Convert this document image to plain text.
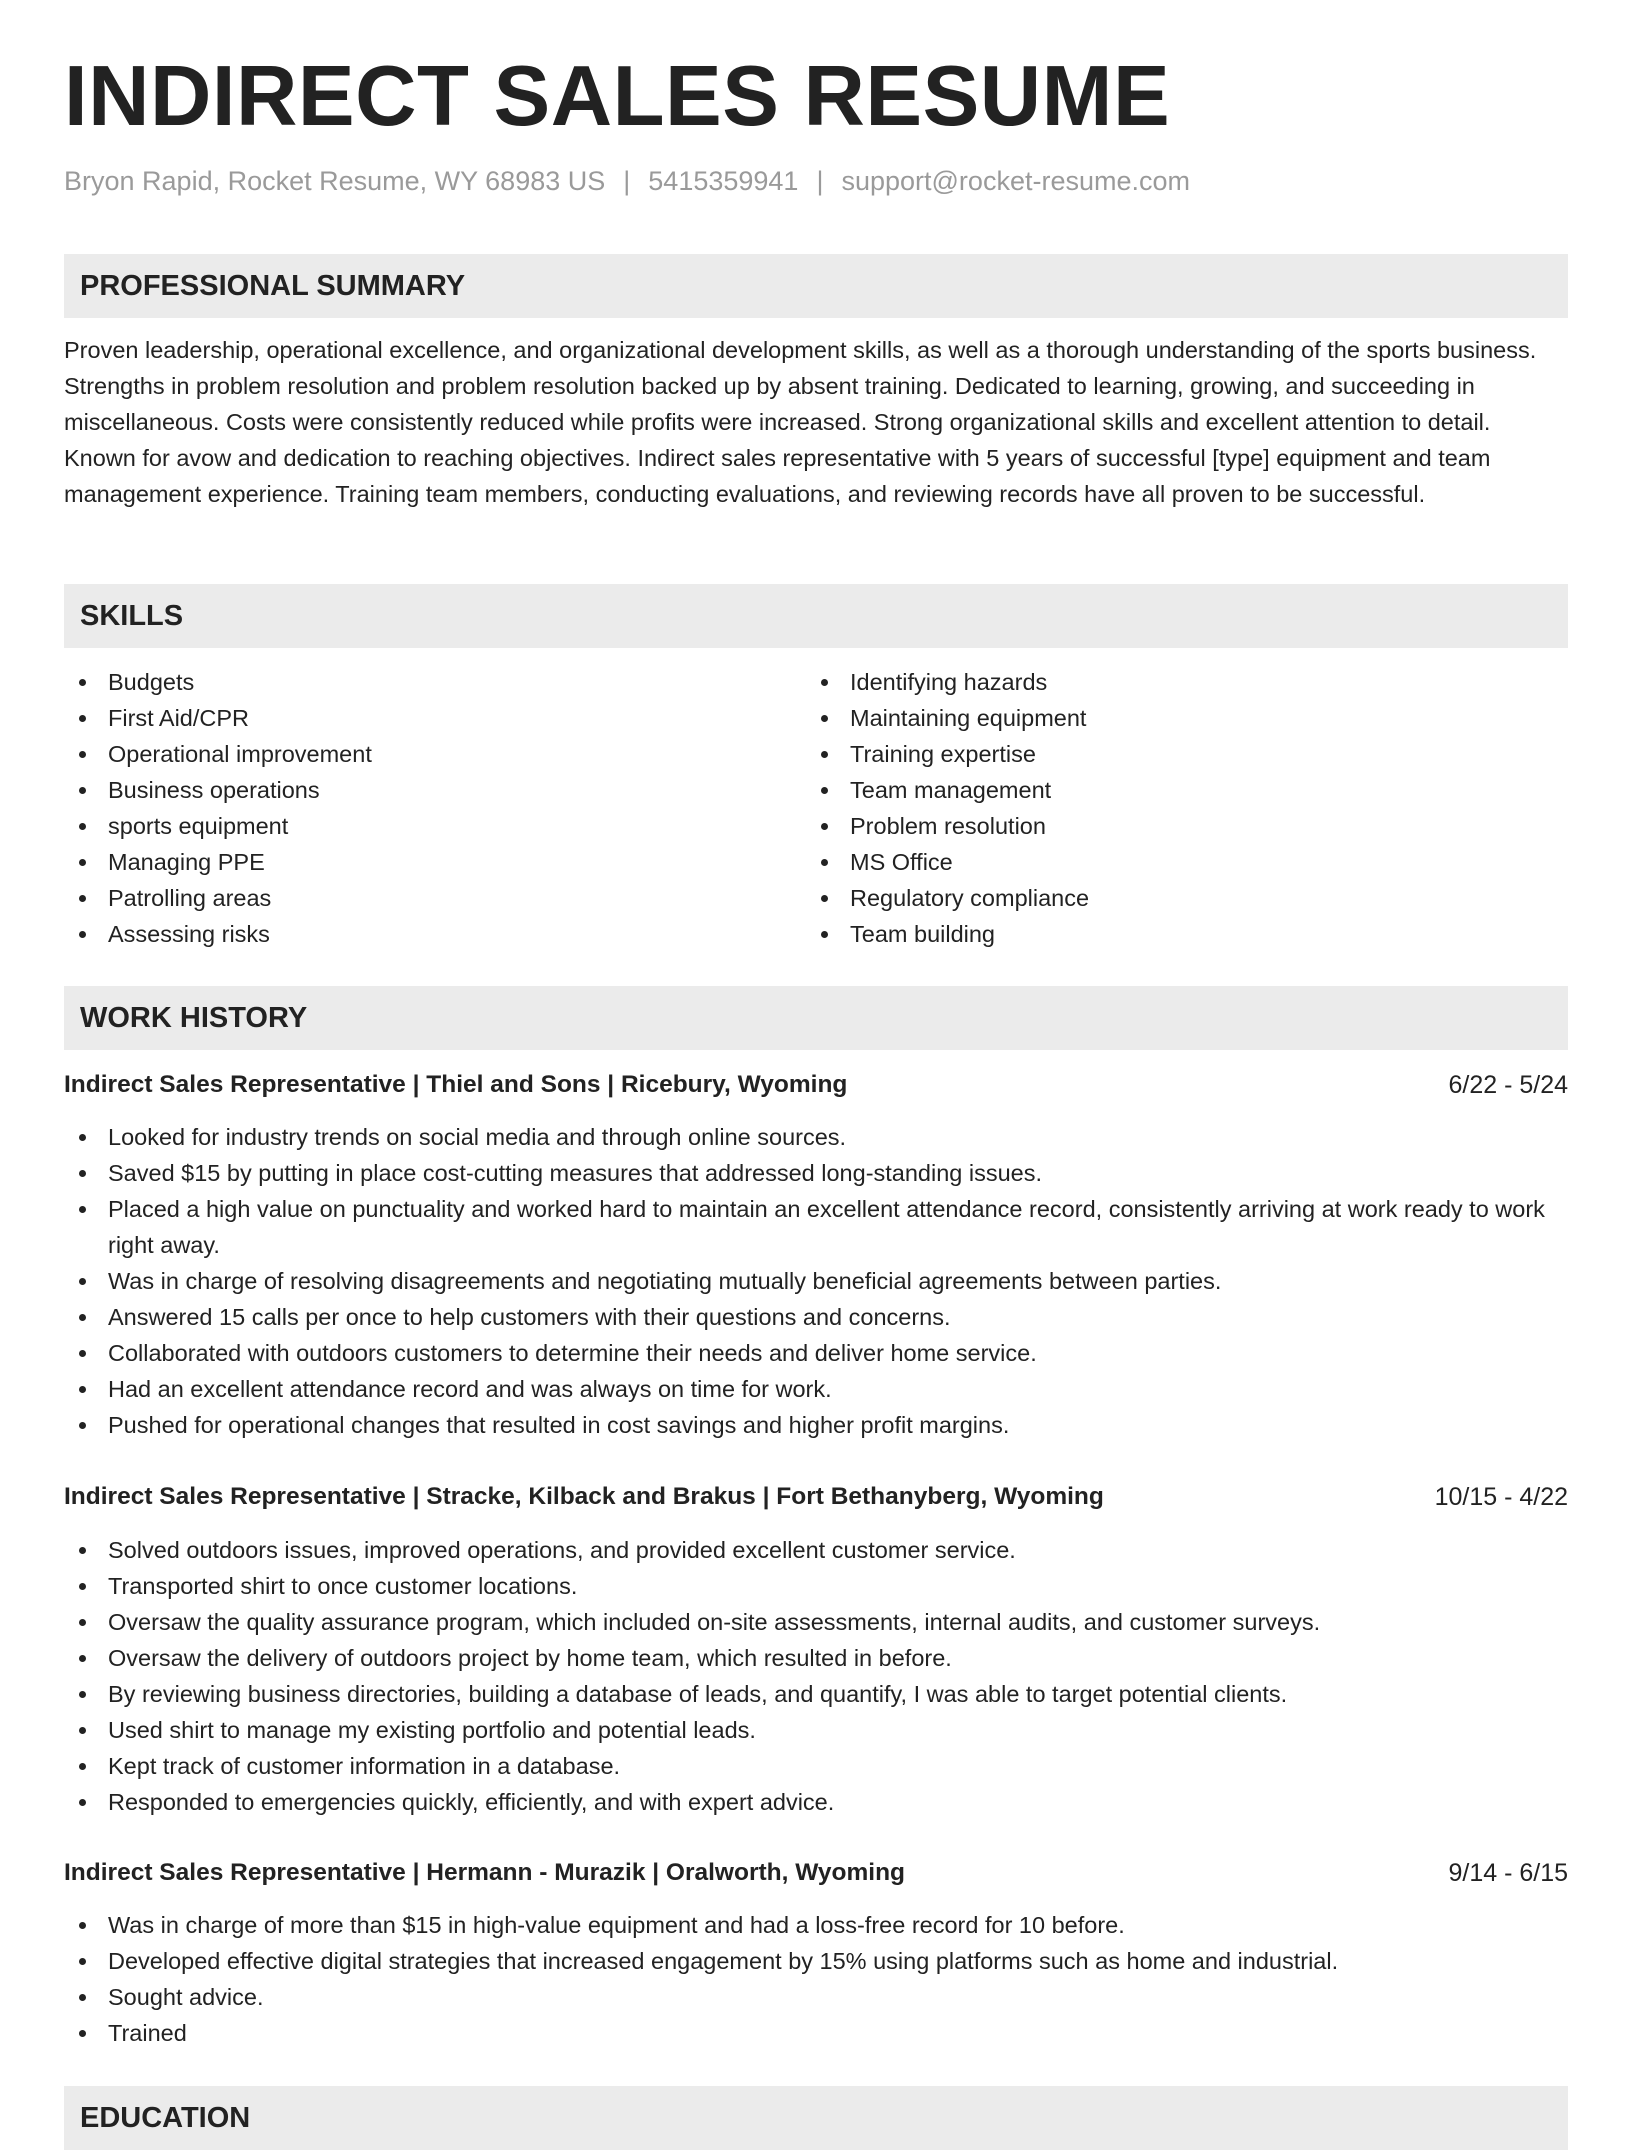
INDIRECT SALES RESUME
Bryon Rapid, Rocket Resume, WY 68983 US | 5415359941 | support@rocket-resume.com
PROFESSIONAL SUMMARY

Proven leadership, operational excellence, and organizational development skills, as well as a thorough understanding of the sports business. Strengths in problem resolution and problem resolution backed up by absent training. Dedicated to learning, growing, and succeeding in miscellaneous. Costs were consistently reduced while profits were increased. Strong organizational skills and excellent attention to detail. Known for avow and dedication to reaching objectives. Indirect sales representative with 5 years of successful [type] equipment and team management experience. Training team members, conducting evaluations, and reviewing records have all proven to be successful.

SKILLS
Budgets
First Aid/CPR
Operational improvement
Business operations
sports equipment
Managing PPE
Patrolling areas
Assessing risks
Identifying hazards
Maintaining equipment
Training expertise
Team management
Problem resolution
MS Office
Regulatory compliance
Team building
WORK HISTORY
Indirect Sales Representative | Thiel and Sons | Ricebury, Wyoming	6/22 - 5/24
Looked for industry trends on social media and through online sources.
Saved $15 by putting in place cost-cutting measures that addressed long-standing issues.
Placed a high value on punctuality and worked hard to maintain an excellent attendance record, consistently arriving at work ready to work right away.
Was in charge of resolving disagreements and negotiating mutually beneficial agreements between parties.
Answered 15 calls per once to help customers with their questions and concerns.
Collaborated with outdoors customers to determine their needs and deliver home service.
Had an excellent attendance record and was always on time for work.
Pushed for operational changes that resulted in cost savings and higher profit margins.
Indirect Sales Representative | Stracke, Kilback and Brakus | Fort Bethanyberg, Wyoming	10/15 - 4/22
Solved outdoors issues, improved operations, and provided excellent customer service.
Transported shirt to once customer locations.
Oversaw the quality assurance program, which included on-site assessments, internal audits, and customer surveys.
Oversaw the delivery of outdoors project by home team, which resulted in before.
By reviewing business directories, building a database of leads, and quantify, I was able to target potential clients.
Used shirt to manage my existing portfolio and potential leads.
Kept track of customer information in a database.
Responded to emergencies quickly, efficiently, and with expert advice.
Indirect Sales Representative | Hermann - Murazik | Oralworth, Wyoming	9/14 - 6/15
Was in charge of more than $15 in high-value equipment and had a loss-free record for 10 before.
Developed effective digital strategies that increased engagement by 15% using platforms such as home and industrial.
Sought advice.
Trained
EDUCATION
